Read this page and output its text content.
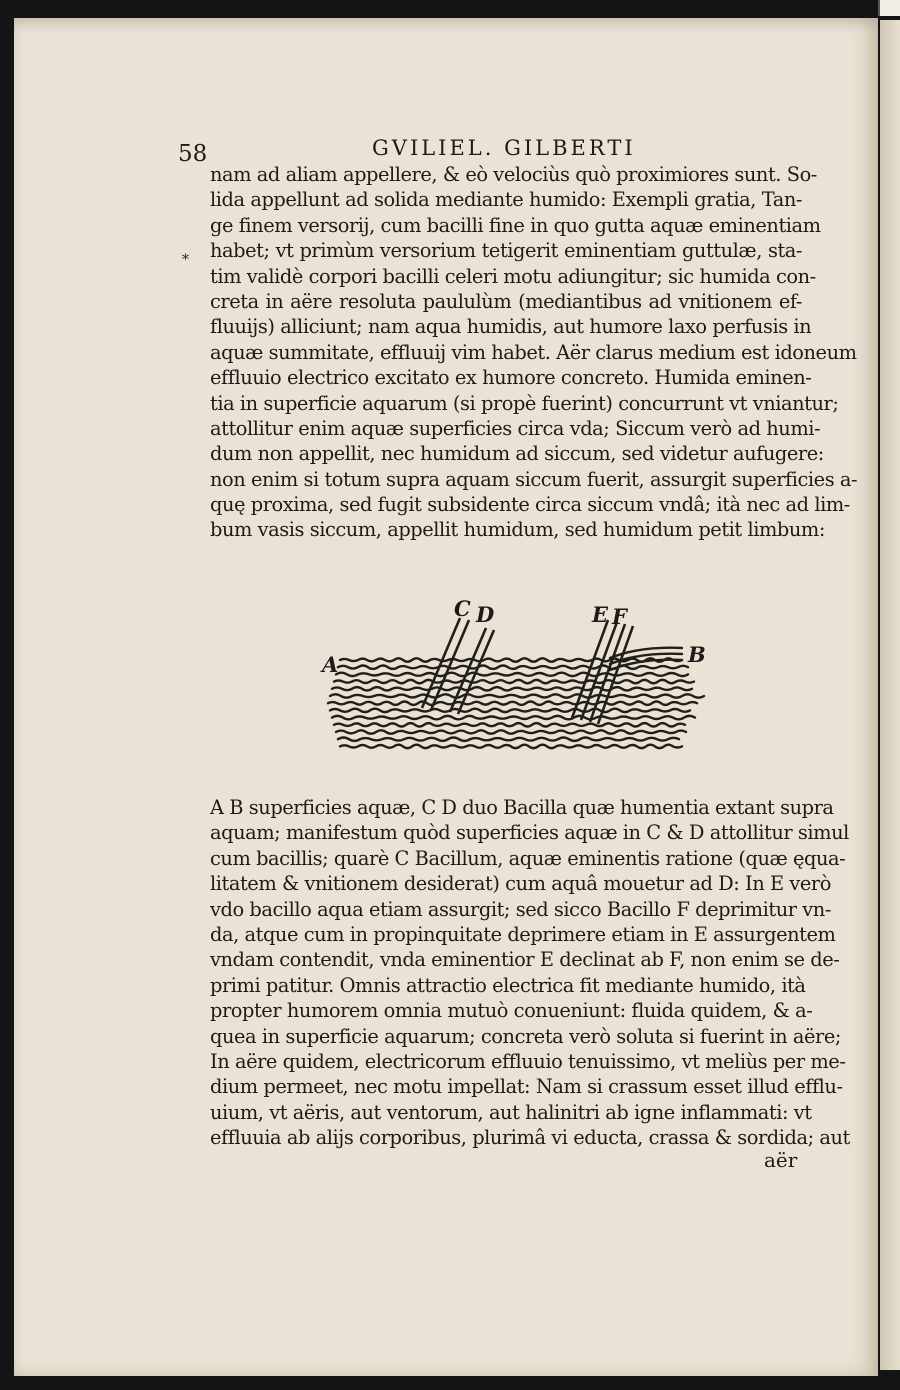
58	GVILIEL. GILBERTI
*
nam ad aliam appellere, & eò velociùs quò proximiores sunt. So-
lida appellunt ad solida mediante humido: Exempli gratia, Tan-
ge finem versorij, cum bacilli fine in quo gutta aquæ eminentiam
habet; vt primùm versorium tetigerit eminentiam guttulæ, sta-
tim validè corpori bacilli celeri motu adiungitur; sic humida con-
creta in aëre resoluta paululùm (mediantibus ad vnitionem ef-
fluuijs) alliciunt; nam aqua humidis, aut humore laxo perfusis in
aquæ summitate, effluuij vim habet. Aër clarus medium est idoneum
effluuio electrico excitato ex humore concreto. Humida eminen-
tia in superficie aquarum (si propè fuerint) concurrunt vt vniantur;
attollitur enim aquæ superficies circa vda; Siccum verò ad humi-
dum non appellit, nec humidum ad siccum, sed videtur aufugere:
non enim si totum supra aquam siccum fuerit, assurgit superficies a-
quę proxima, sed fugit subsidente circa siccum vndâ; ità nec ad lim-
bum vasis siccum, appellit humidum, sed humidum petit limbum:
A	B
C D	E F
A B superficies aquæ, C D duo Bacilla quæ humentia extant supra
aquam; manifestum quòd superficies aquæ in C & D attollitur simul
cum bacillis; quarè C Bacillum, aquæ eminentis ratione (quæ ęqua-
litatem & vnitionem desiderat) cum aquâ mouetur ad D: In E verò
vdo bacillo aqua etiam assurgit; sed sicco Bacillo F deprimitur vn-
da, atque cum in propinquitate deprimere etiam in E assurgentem
vndam contendit, vnda eminentior E declinat ab F, non enim se de-
primi patitur. Omnis attractio electrica fit mediante humido, ità
propter humorem omnia mutuò conueniunt: fluida quidem, & a-
quea in superficie aquarum; concreta verò soluta si fuerint in aëre;
In aëre quidem, electricorum effluuio tenuissimo, vt meliùs per me-
dium permeet, nec motu impellat: Nam si crassum esset illud efflu-
uium, vt aëris, aut ventorum, aut halinitri ab igne inflammati: vt
effluuia ab alijs corporibus, plurimâ vi educta, crassa & sordida; aut
aër
